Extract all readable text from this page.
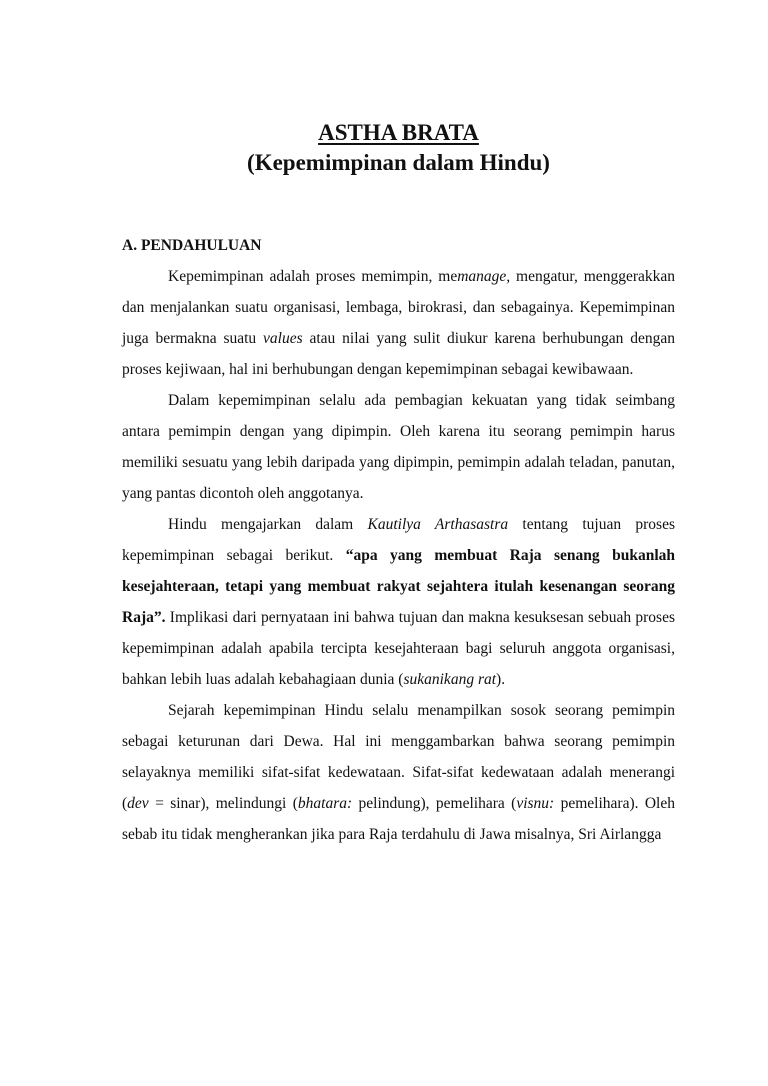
ASTHA BRATA
(Kepemimpinan dalam Hindu)
A. PENDAHULUAN

Kepemimpinan adalah proses memimpin, memanage, mengatur, menggerakkan dan menjalankan suatu organisasi, lembaga, birokrasi, dan sebagainya. Kepemimpinan juga bermakna suatu values atau nilai yang sulit diukur karena berhubungan dengan proses kejiwaan, hal ini berhubungan dengan kepemimpinan sebagai kewibawaan.

Dalam kepemimpinan selalu ada pembagian kekuatan yang tidak seimbang antara pemimpin dengan yang dipimpin. Oleh karena itu seorang pemimpin harus memiliki sesuatu yang lebih daripada yang dipimpin, pemimpin adalah teladan, panutan, yang pantas dicontoh oleh anggotanya.

Hindu mengajarkan dalam Kautilya Arthasastra tentang tujuan proses kepemimpinan sebagai berikut. “apa yang membuat Raja senang bukanlah kesejahteraan, tetapi yang membuat rakyat sejahtera itulah kesenangan seorang Raja”. Implikasi dari pernyataan ini bahwa tujuan dan makna kesuksesan sebuah proses kepemimpinan adalah apabila tercipta kesejahteraan bagi seluruh anggota organisasi, bahkan lebih luas adalah kebahagiaan dunia (sukanikang rat).

Sejarah kepemimpinan Hindu selalu menampilkan sosok seorang pemimpin sebagai keturunan dari Dewa. Hal ini menggambarkan bahwa seorang pemimpin selayaknya memiliki sifat-sifat kedewataan. Sifat-sifat kedewataan adalah menerangi (dev = sinar), melindungi (bhatara: pelindung), pemelihara (visnu: pemelihara). Oleh sebab itu tidak mengherankan jika para Raja terdahulu di Jawa misalnya, Sri Airlangga
